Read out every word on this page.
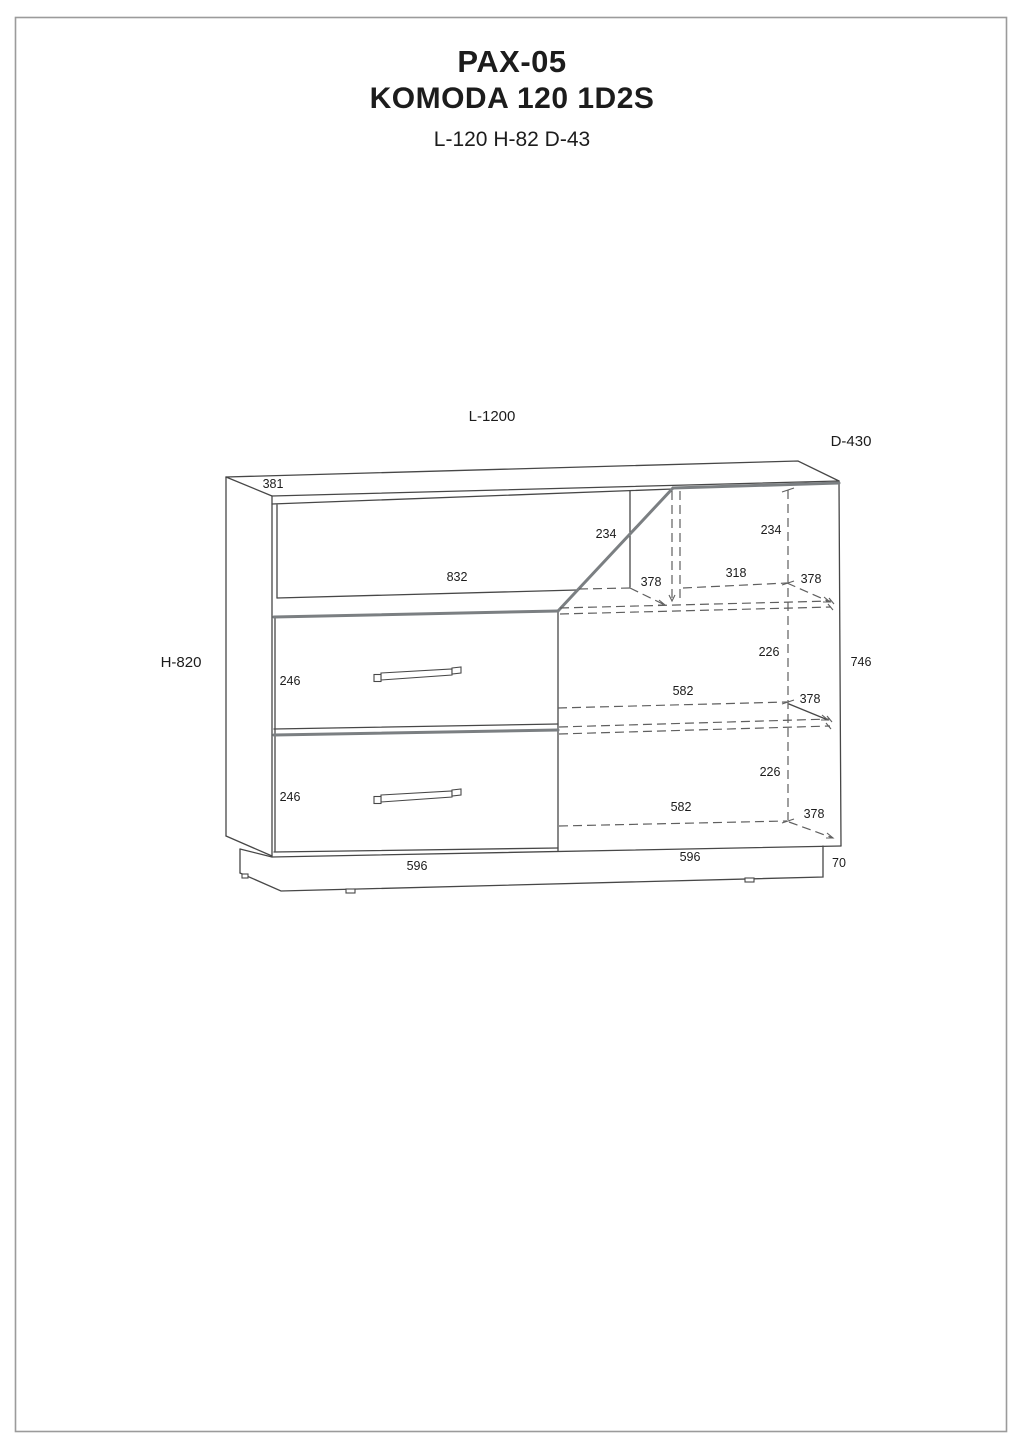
PAX-05
KOMODA 120 1D2S
L-120 H-82 D-43
L-1200
D-430
H-820
381
832
234
378
318
234
378
226
746
582
378
226
582	378
246
246
596
596	70
